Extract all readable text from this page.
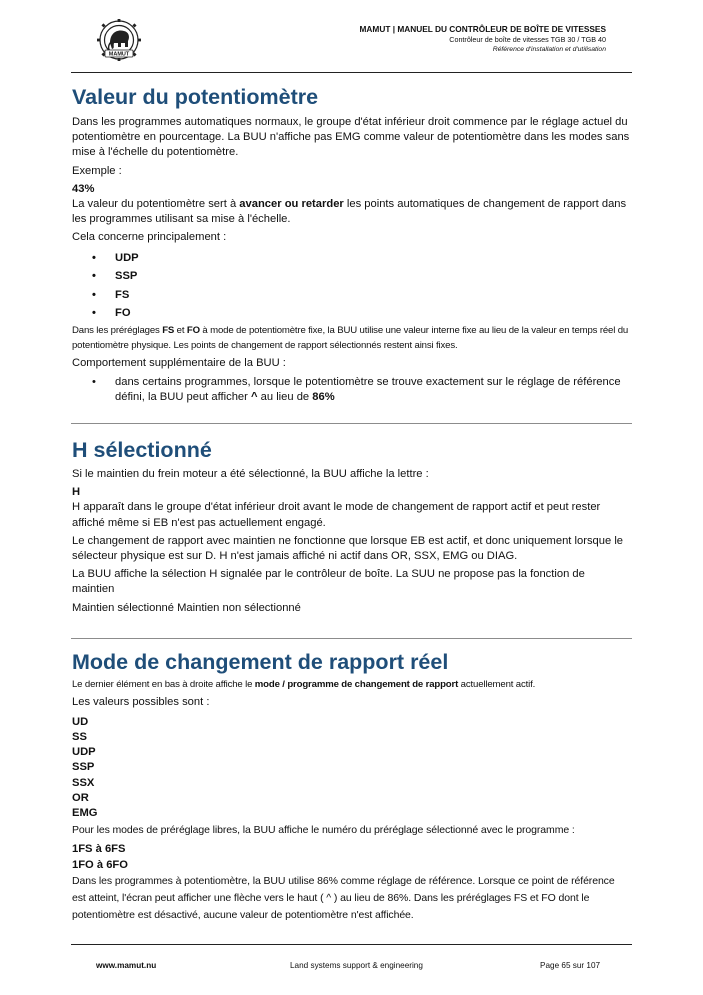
MAMUT
MAMUT | MANUEL DU CONTRÔLEUR DE BOÎTE DE VITESSES
Contrôleur de boîte de vitesses TGB 30 / TGB 40
Référence d'installation et d'utilisation
Valeur du potentiomètre

Dans les programmes automatiques normaux, le groupe d'état inférieur droit commence par le réglage actuel du potentiomètre en pourcentage. La BUU n'affiche pas EMG comme valeur de potentiomètre dans les modes sans mise à l'échelle du potentiomètre.

Exemple :

43%

La valeur du potentiomètre sert à avancer ou retarder les points automatiques de changement de rapport dans les programmes utilisant sa mise à l'échelle.

Cela concerne principalement :

• UDP
• SSP
• FS
• FO

Dans les préréglages FS et FO à mode de potentiomètre fixe, la BUU utilise une valeur interne fixe au lieu de la valeur en temps réel du potentiomètre physique. Les points de changement de rapport sélectionnés restent ainsi fixes.

Comportement supplémentaire de la BUU :

• dans certains programmes, lorsque le potentiomètre se trouve exactement sur le réglage de référence défini, la BUU peut afficher ^ au lieu de 86%
H sélectionné

Si le maintien du frein moteur a été sélectionné, la BUU affiche la lettre :

H

H apparaît dans le groupe d'état inférieur droit avant le mode de changement de rapport actif et peut rester affiché même si EB n'est pas actuellement engagé.

Le changement de rapport avec maintien ne fonctionne que lorsque EB est actif, et donc uniquement lorsque le sélecteur physique est sur D. H n'est jamais affiché ni actif dans OR, SSX, EMG ou DIAG.

La BUU affiche la sélection H signalée par le contrôleur de boîte. La SUU ne propose pas la fonction de maintien

Maintien sélectionné Maintien non sélectionné

Mode de changement de rapport réel

Le dernier élément en bas à droite affiche le mode / programme de changement de rapport actuellement actif.

Les valeurs possibles sont :

UD

SS

UDP

SSP

SSX

OR

EMG

Pour les modes de préréglage libres, la BUU affiche le numéro du préréglage sélectionné avec le programme :

1FS à 6FS

1FO à 6FO

Dans les programmes à potentiomètre, la BUU utilise 86% comme réglage de référence. Lorsque ce point de référence est atteint, l'écran peut afficher une flèche vers le haut ( ^ ) au lieu de 86%. Dans les préréglages FS et FO dont le potentiomètre est désactivé, aucune valeur de potentiomètre n'est affichée.

www.mamut.nu	Land systems support & engineering	Page 65 sur 107
